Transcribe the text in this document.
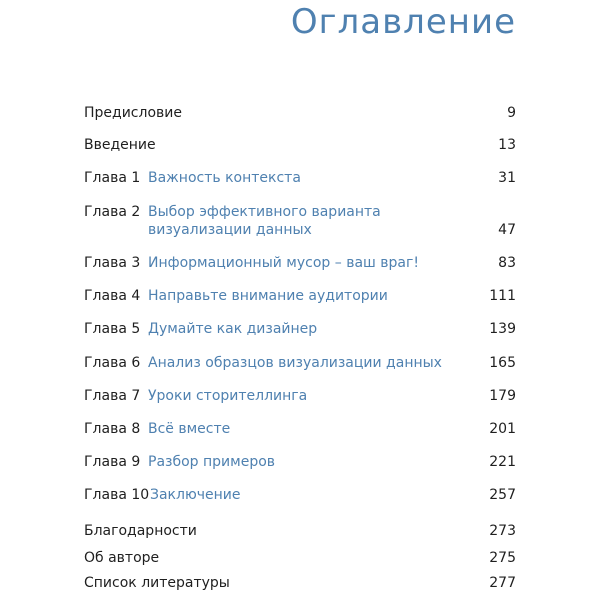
Оглавление
Предисловие	9
Введение	13
Глава 1 Важность контекста	31
Глава 2 Выбор эффективного варианта
визуализации данных	47
Глава 3 Информационный мусор – ваш враг!	83
Глава 4 Направьте внимание аудитории	111
Глава 5 Думайте как дизайнер	139
Глава 6 Анализ образцов визуализации данных	165
Глава 7 Уроки сторителлинга	179
Глава 8 Всё вместе	201
Глава 9 Разбор примеров	221
Глава 10 Заключение	257
Благодарности	273
Об авторе	275
Список литературы	277
